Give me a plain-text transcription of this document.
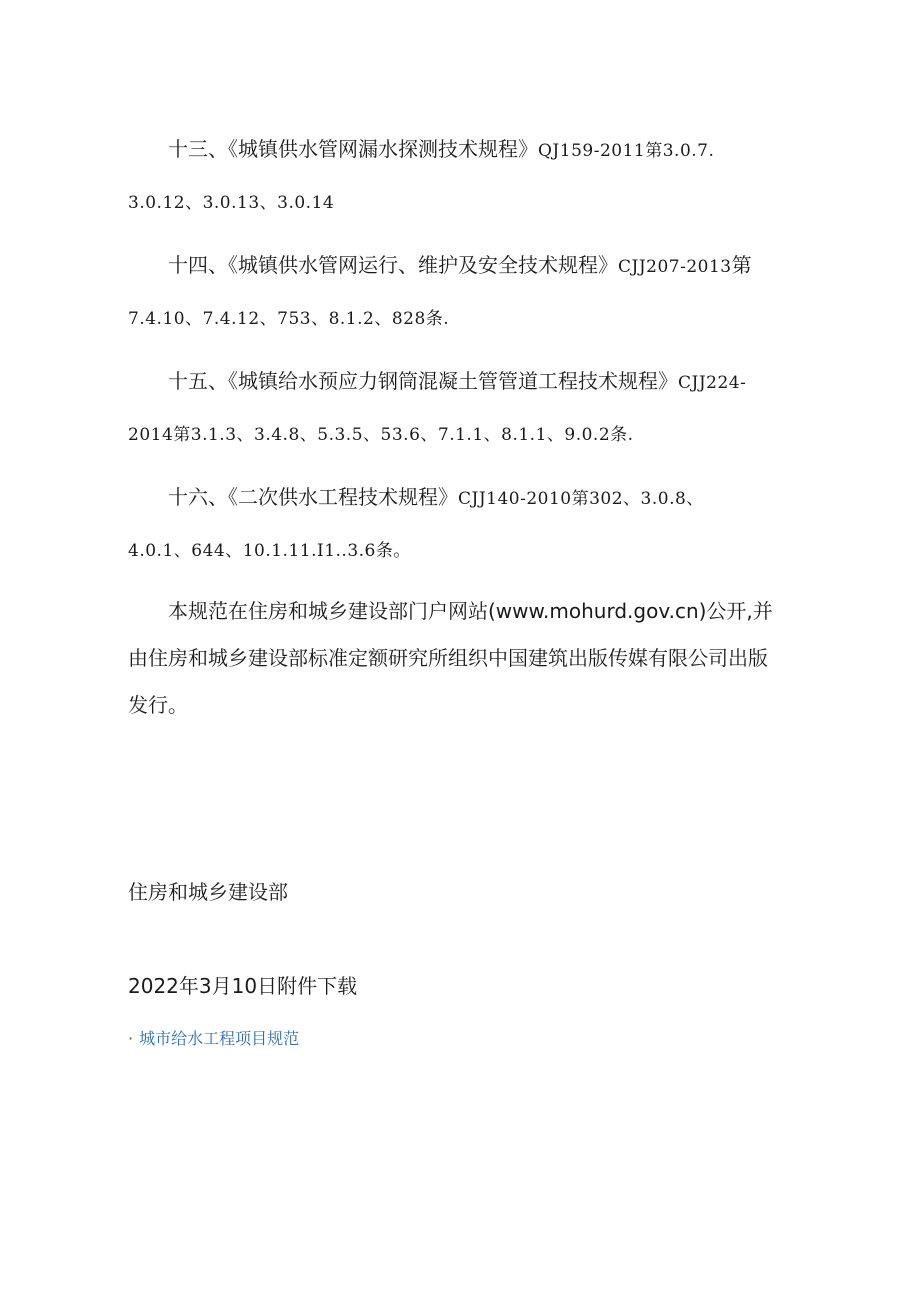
十三、《城镇供水管网漏水探测技术规程》QJ159-2011第3.0.7.
3.0.12、3.0.13、3.0.14

十四、《城镇供水管网运行、维护及安全技术规程》CJJ207-2013第
7.4.10、7.4.12、753、8.1.2、828条.

十五、《城镇给水预应力钢筒混凝土管管道工程技术规程》CJJ224-
2014第3.1.3、3.4.8、5.3.5、53.6、7.1.1、8.1.1、9.0.2条.

十六、《二次供水工程技术规程》CJJ140-2010第302、3.0.8、
4.0.1、644、10.1.11.I1..3.6条。

本规范在住房和城乡建设部门户网站(www.mohurd.gov.cn)公开,并由住房和城乡建设部标准定额研究所组织中国建筑出版传媒有限公司出版发行。

住房和城乡建设部

2022年3月10日附件下载

· 城市给水工程项目规范
